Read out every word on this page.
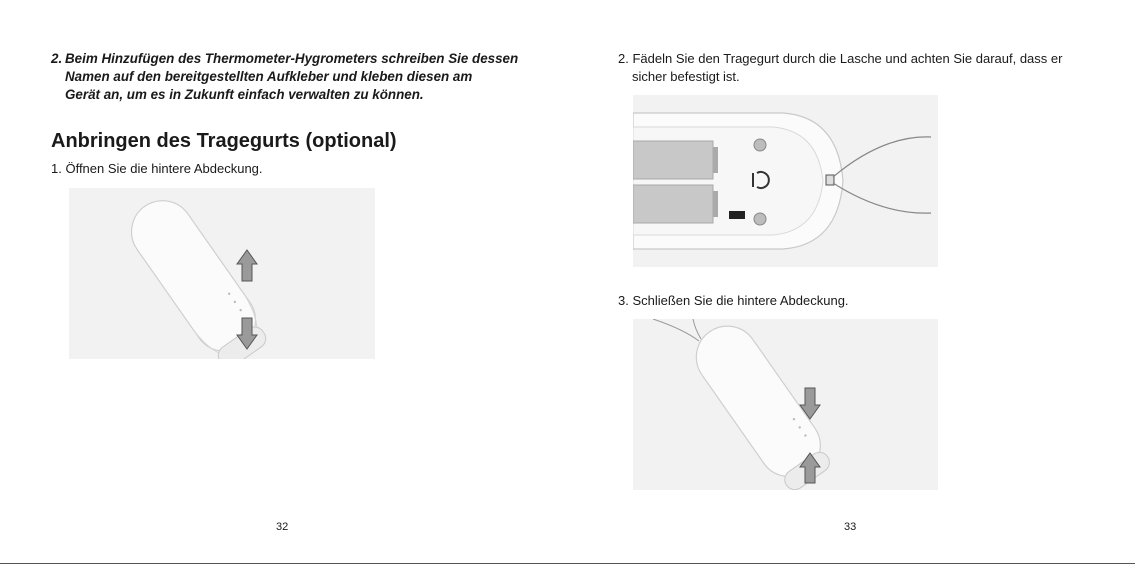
2. Beim Hinzufügen des Thermometer-Hygrometers schreiben Sie dessen
Namen auf den bereitgestellten Aufkleber und kleben diesen am
Gerät an, um es in Zukunft einfach verwalten zu können.
Anbringen des Tragegurts (optional)

1. Öffnen Sie die hintere Abdeckung.

32
2. Fädeln Sie den Tragegurt durch die Lasche und achten Sie darauf, dass er
sicher befestigt ist.

3. Schließen Sie die hintere Abdeckung.

33
